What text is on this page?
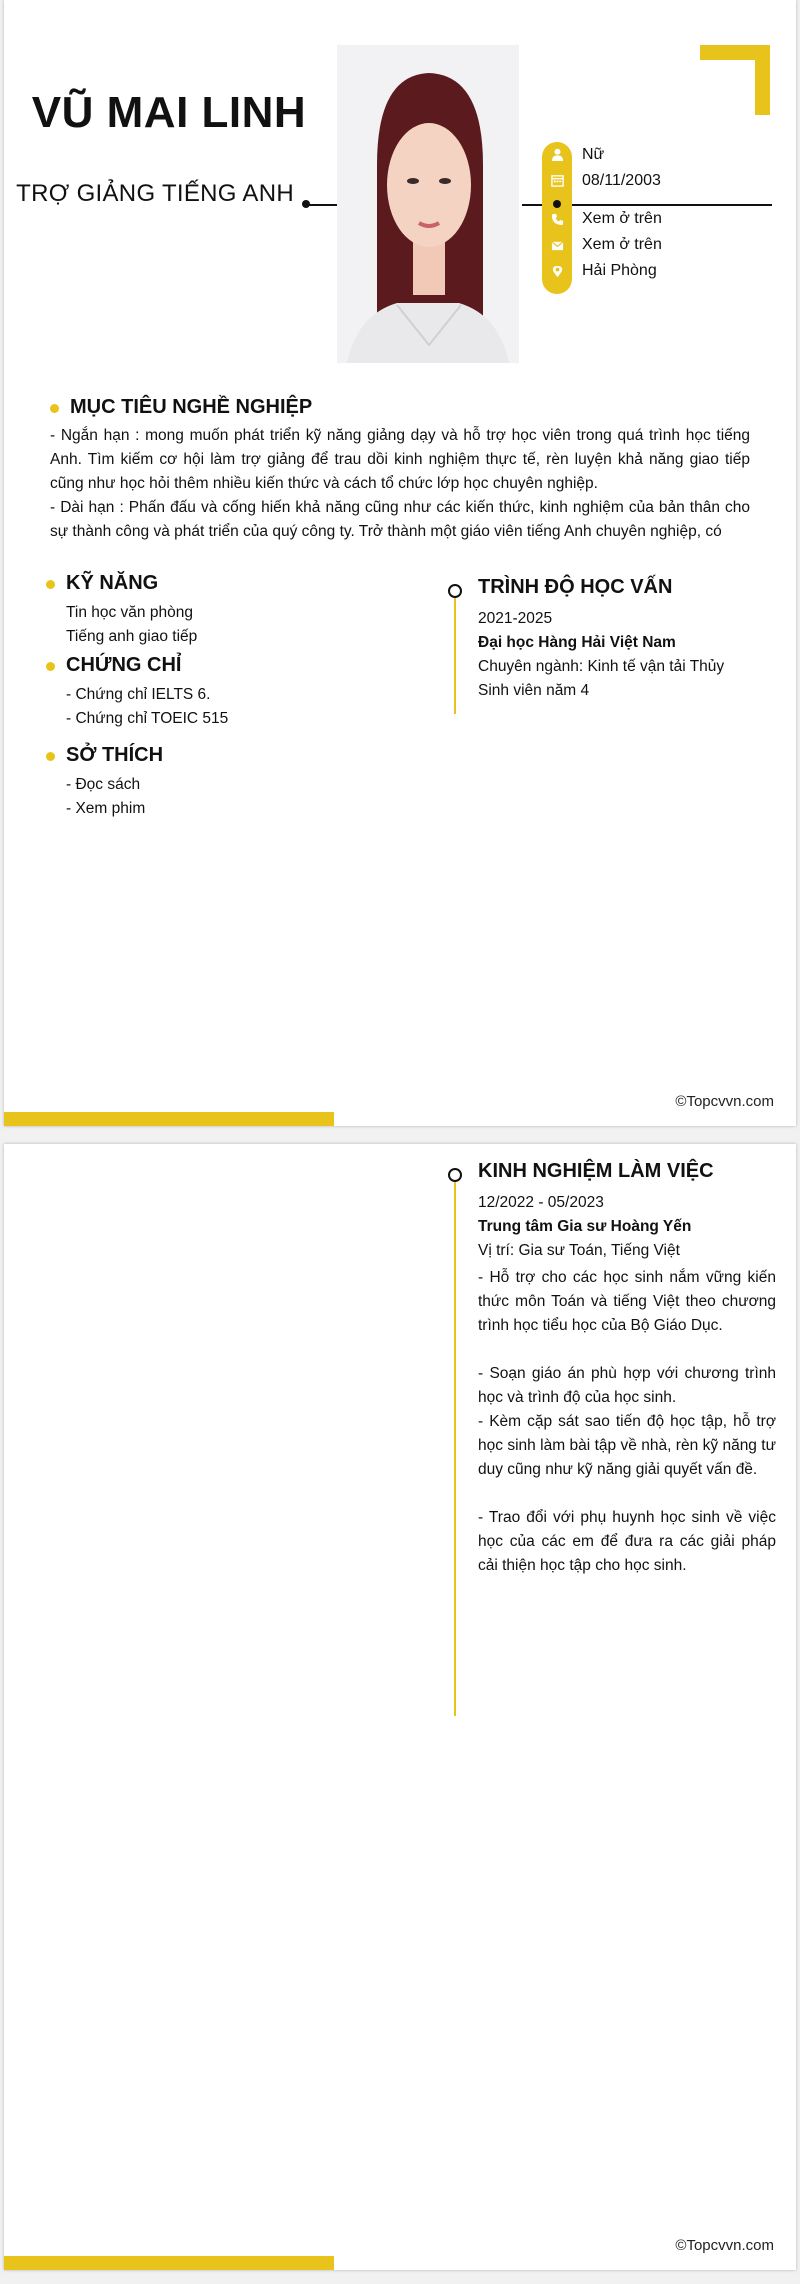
VŨ MAI LINH
TRỢ GIẢNG TIẾNG ANH
Nữ
08/11/2003
Xem ở trên
Xem ở trên
Hải Phòng
MỤC TIÊU NGHỀ NGHIỆP
- Ngắn hạn : mong muốn phát triển kỹ năng giảng dạy và hỗ trợ học viên trong quá trình học tiếng Anh. Tìm kiếm cơ hội làm trợ giảng để trau dồi kinh nghiệm thực tế, rèn luyện khả năng giao tiếp cũng như học hỏi thêm nhiều kiến thức và cách tổ chức lớp học chuyên nghiệp.
- Dài hạn : Phấn đấu và cống hiến khả năng cũng như các kiến thức, kinh nghiệm của bản thân cho sự thành công và phát triển của quý công ty. Trở thành một giáo viên tiếng Anh chuyên nghiệp, có
KỸ NĂNG
Tin học văn phòng
Tiếng anh giao tiếp
CHỨNG CHỈ
- Chứng chỉ IELTS 6.
- Chứng chỉ TOEIC 515
SỞ THÍCH
- Đọc sách
- Xem phim
TRÌNH ĐỘ HỌC VẤN
2021-2025
Đại học Hàng Hải Việt Nam
Chuyên ngành: Kinh tế vận tải Thủy
Sinh viên năm 4
©Topcvvn.com
KINH NGHIỆM LÀM VIỆC
12/2022 - 05/2023
Trung tâm Gia sư Hoàng Yến
Vị trí: Gia sư Toán, Tiếng Việt
- Hỗ trợ cho các học sinh nắm vững kiến thức môn Toán và tiếng Việt theo chương trình học tiểu học của Bộ Giáo Dục.
- Soạn giáo án phù hợp với chương trình học và trình độ của học sinh.
- Kèm cặp sát sao tiến độ học tập, hỗ trợ học sinh làm bài tập về nhà, rèn kỹ năng tư duy cũng như kỹ năng giải quyết vấn đề.
- Trao đổi với phụ huynh học sinh về việc học của các em để đưa ra các giải pháp cải thiện học tập cho học sinh.
©Topcvvn.com
